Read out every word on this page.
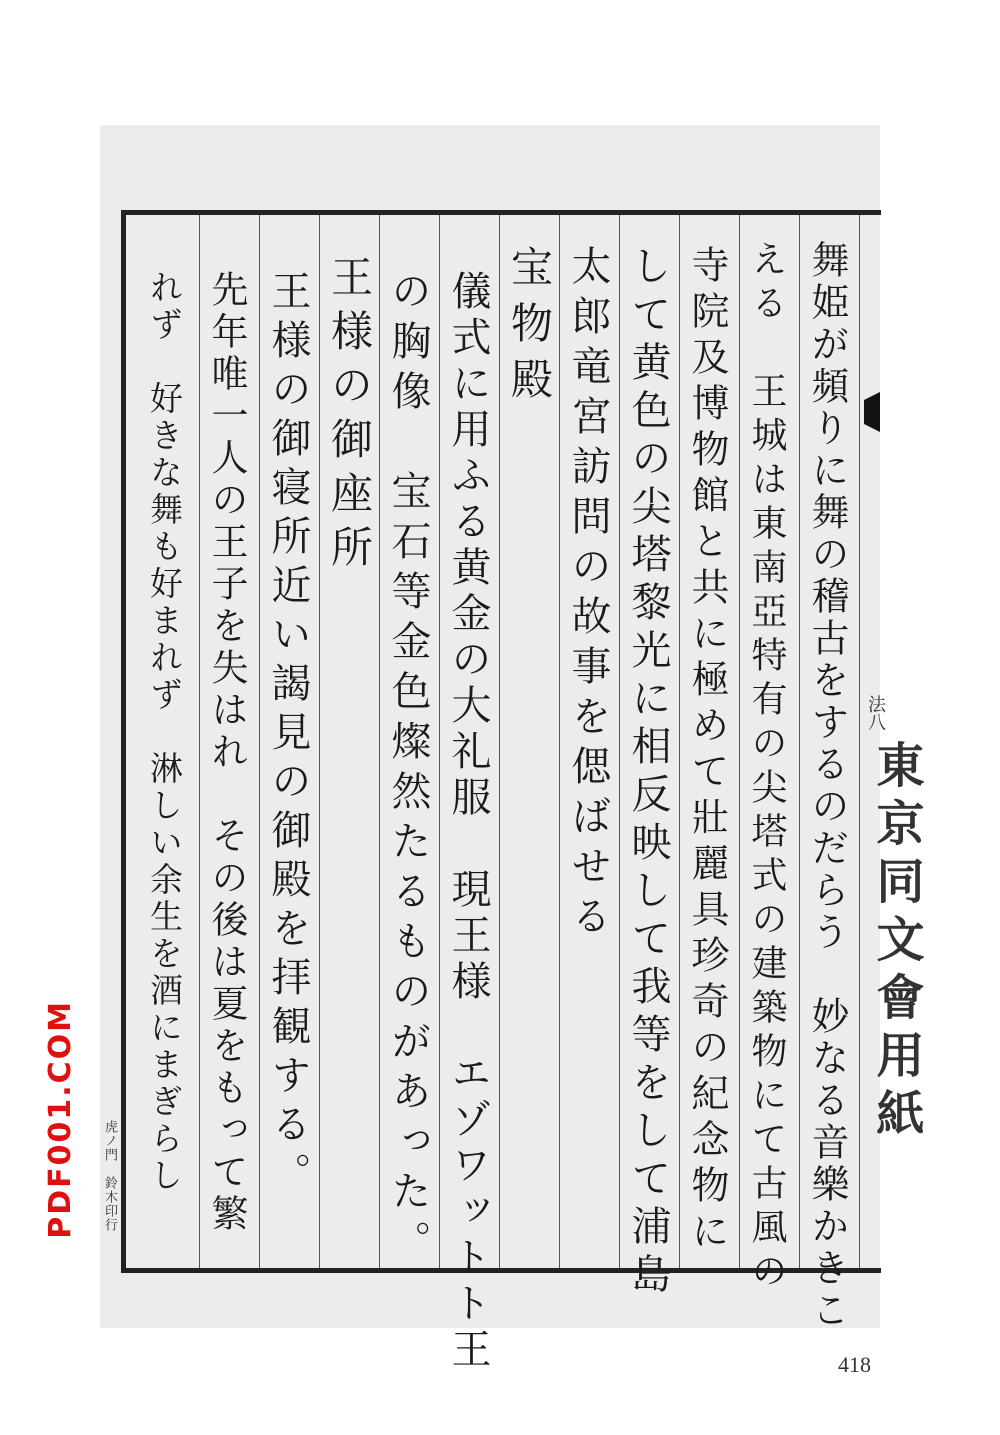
法八
東京同文會用紙
舞姫が頻りに舞の稽古をするのだらう　妙なる音樂かきこ
える　王城は東南亞特有の尖塔式の建築物にて古風の
寺院及博物館と共に極めて壯麗具珍奇の紀念物に
して黄色の尖塔黎光に相反映して我等をして浦島
太郎竜宮訪問の故事を偲ばせる
宝物殿
儀式に用ふる黄金の大礼服　現王様　エゾワットト王
の胸像　宝石等金色燦然たるものがあった。
王様の御座所
王様の御寝所近い謁見の御殿を拝観する。
先年唯一人の王子を失はれ　その後は夏をもって繁
れず　好きな舞も好まれず　淋しい余生を酒にまぎらし
虎ノ門　鈴木印行
PDF001.COM
418
